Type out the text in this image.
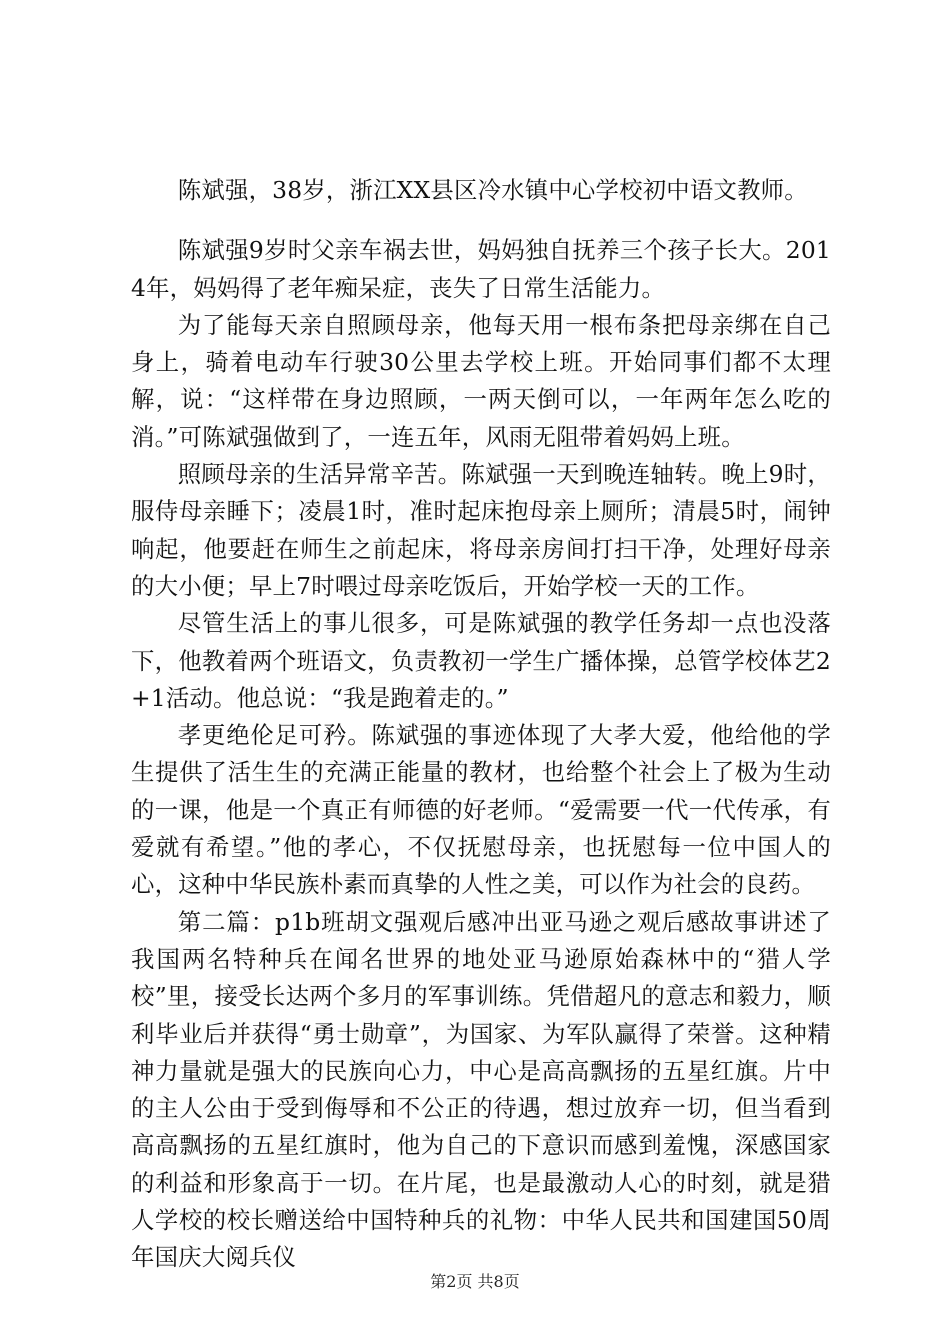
陈斌强，38岁，浙江XX县区冷水镇中心学校初中语文教师。

陈斌强9岁时父亲车祸去世，妈妈独自抚养三个孩子长大。2014年，妈妈得了老年痴呆症，丧失了日常生活能力。

为了能每天亲自照顾母亲，他每天用一根布条把母亲绑在自己身上，骑着电动车行驶30公里去学校上班。开始同事们都不太理解，说：“这样带在身边照顾，一两天倒可以，一年两年怎么吃的消。”可陈斌强做到了，一连五年，风雨无阻带着妈妈上班。

照顾母亲的生活异常辛苦。陈斌强一天到晚连轴转。晚上9时，服侍母亲睡下；凌晨1时，准时起床抱母亲上厕所；清晨5时，闹钟响起，他要赶在师生之前起床，将母亲房间打扫干净，处理好母亲的大小便；早上7时喂过母亲吃饭后，开始学校一天的工作。

尽管生活上的事儿很多，可是陈斌强的教学任务却一点也没落下，他教着两个班语文，负责教初一学生广播体操，总管学校体艺2+1活动。他总说：“我是跑着走的。”

孝更绝伦足可矜。陈斌强的事迹体现了大孝大爱，他给他的学生提供了活生生的充满正能量的教材，也给整个社会上了极为生动的一课，他是一个真正有师德的好老师。“爱需要一代一代传承，有爱就有希望。”他的孝心，不仅抚慰母亲，也抚慰每一位中国人的心，这种中华民族朴素而真挚的人性之美，可以作为社会的良药。

第二篇：p1b班胡文强观后感冲出亚马逊之观后感故事讲述了我国两名特种兵在闻名世界的地处亚马逊原始森林中的“猎人学校”里，接受长达两个多月的军事训练。凭借超凡的意志和毅力，顺利毕业后并获得“勇士勋章”，为国家、为军队赢得了荣誉。这种精神力量就是强大的民族向心力，中心是高高飘扬的五星红旗。片中的主人公由于受到侮辱和不公正的待遇，想过放弃一切，但当看到高高飘扬的五星红旗时，他为自己的下意识而感到羞愧，深感国家的利益和形象高于一切。在片尾，也是最激动人心的时刻，就是猎人学校的校长赠送给中国特种兵的礼物：中华人民共和国建国50周年国庆大阅兵仪

第2页 共8页
